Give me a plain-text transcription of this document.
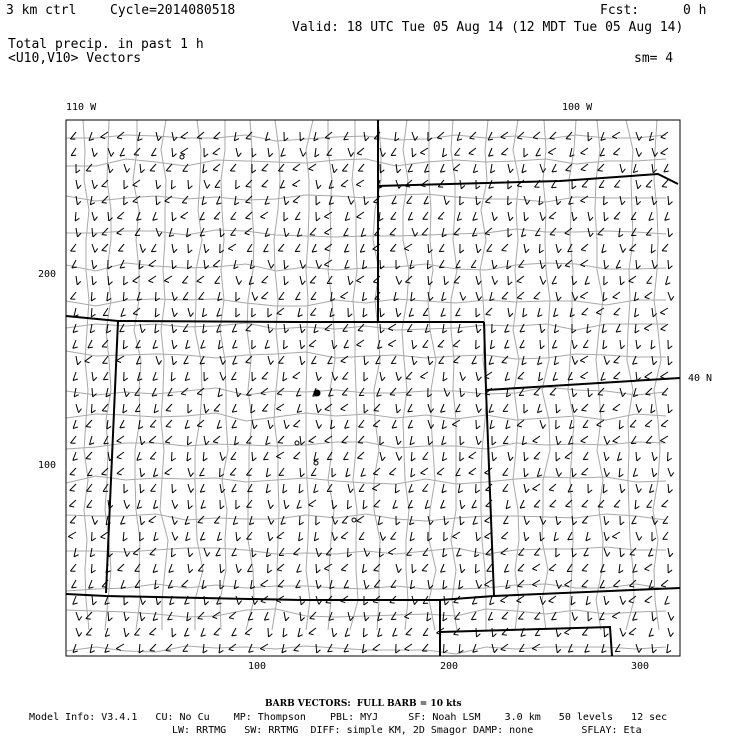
3 km ctrl	Cycle=2014080518	Fcst:	0 h
Valid: 18 UTC Tue 05 Aug 14 (12 MDT Tue 05 Aug 14)
Total precip. in past 1 h
<U10,V10> Vectors	sm= 4
110 W	100 W
40 N
200
100
100	200	300
BARB VECTORS:  FULL BARB = 10 kts
Model Info: V3.4.1   CU: No Cu    MP: Thompson    PBL: MYJ     SF: Noah LSM    3.0 km   50 levels   12 sec
LW: RRTMG   SW: RRTMG  DIFF: simple KM, 2D Smagor DAMP: none        SFLAY: Eta
